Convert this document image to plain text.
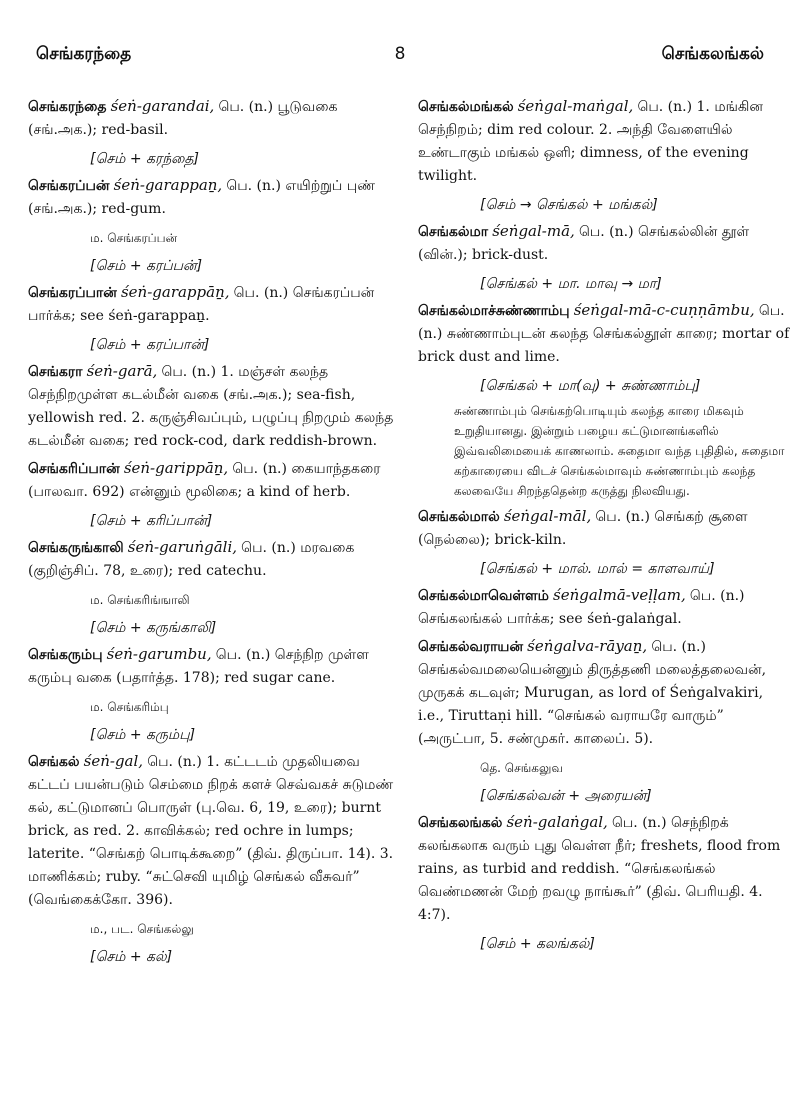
செங்கரந்தை	8	செங்கலங்கல்
செங்கரந்தை śeṅ-garandai, பெ. (n.) பூடுவகை (சங்.அக.); red-basil.
[செம் + கரந்தை]
செங்கரப்பன் śeṅ-garappaṉ, பெ. (n.) எயிற்றுப் புண் (சங்.அக.); red-gum.
ம. செங்கரப்பன்
[செம் + கரப்பன்]
செங்கரப்பான் śeṅ-garappāṉ, பெ. (n.) செங்கரப்பன் பார்க்க; see śeṅ-garappaṉ.
[செம் + கரப்பான்]
செங்கரா śeṅ-garā, பெ. (n.) 1. மஞ்சள் கலந்த செந்நிறமுள்ள கடல்மீன் வகை (சங்.அக.); sea-fish, yellowish red. 2. கருஞ்சிவப்பும், பழுப்பு நிறமும் கலந்த கடல்மீன் வகை; red rock-cod, dark reddish-brown.
செங்கரிப்பான் śeṅ-garippāṉ, பெ. (n.) கையாந்தகரை (பாலவா. 692) என்னும் மூலிகை; a kind of herb.
[செம் + கரிப்பான்]
செங்கருங்காலி śeṅ-garuṅgāli, பெ. (n.) மரவகை (குறிஞ்சிப். 78, உரை); red catechu.
ம. செங்கரிங்ஙாலி
[செம் + கருங்காலி]
செங்கரும்பு śeṅ-garumbu, பெ. (n.) செந்நிற முள்ள கரும்பு வகை (பதார்த்த. 178); red sugar cane.
ம. செங்கரிம்பு
[செம் + கரும்பு]
செங்கல் śeṅ-gal, பெ. (n.) 1. கட்டடம் முதலியவை கட்டப் பயன்படும் செம்மை நிறக் களச் செவ்வகச் சுடுமண் கல், கட்டுமானப் பொருள் (பு.வெ. 6, 19, உரை); burnt brick, as red. 2. காவிக்கல்; red ochre in lumps; laterite. “செங்கற் பொடிக்கூறை” (திவ். திருப்பா. 14). 3. மாணிக்கம்; ruby. “சுட்செவி யுமிழ் செங்கல் வீசுவர்” (வெங்கைக்கோ. 396).
ம., பட. செங்கல்லு
[செம் + கல்]
செங்கல்மங்கல் śeṅgal-maṅgal, பெ. (n.) 1. மங்கின செந்நிறம்; dim red colour. 2. அந்தி வேளையில் உண்டாகும் மங்கல் ஒளி; dimness, of the evening twilight.
[செம் → செங்கல் + மங்கல்]
செங்கல்மா śeṅgal-mā, பெ. (n.) செங்கல்லின் தூள் (வின்.); brick-dust.
[செங்கல் + மா. மாவு → மா]
செங்கல்மாச்சுண்ணாம்பு śeṅgal-mā-c-cuṇṇāmbu, பெ. (n.) சுண்ணாம்புடன் கலந்த செங்கல்தூள் காரை; mortar of brick dust and lime.
[செங்கல் + மா(வு) + சுண்ணாம்பு]
சுண்ணாம்பும் செங்கற்பொடியும் கலந்த காரை மிகவும் உறுதியானது. இன்றும் பழைய கட்டுமானங்களில் இவ்வலிமையைக் காணலாம். சுதைமா வந்த புதிதில், சுதைமா கற்காரையை விடச் செங்கல்மாவும் சுண்ணாம்பும் கலந்த கலவையே சிறந்ததென்ற கருத்து நிலவியது.
செங்கல்மால் śeṅgal-māl, பெ. (n.) செங்கற் சூளை (நெல்லை); brick-kiln.
[செங்கல் + மால். மால் = காளவாய்]
செங்கல்மாவெள்ளம் śeṅgalmā-veḷḷam, பெ. (n.) செங்கலங்கல் பார்க்க; see śeṅ-galaṅgal.
செங்கல்வராயன் śeṅgalva-rāyaṉ, பெ. (n.) செங்கல்வமலையென்னும் திருத்தணி மலைத்தலைவன், முருகக் கடவுள்; Murugan, as lord of Śeṅgalvakiri, i.e., Tiruttaṇi hill. “செங்கல் வராயரே வாரும்” (அருட்பா, 5. சண்முகர். காலைப். 5).
தெ. செங்கலுவ
[செங்கல்வன் + அரையன்]
செங்கலங்கல் śeṅ-galaṅgal, பெ. (n.) செந்நிறக் கலங்கலாக வரும் புது வெள்ள நீர்; freshets, flood from rains, as turbid and reddish. “செங்கலங்கல் வெண்மணன் மேற் றவழு நாங்கூர்” (திவ். பெரியதி. 4. 4:7).
[செம் + கலங்கல்]
